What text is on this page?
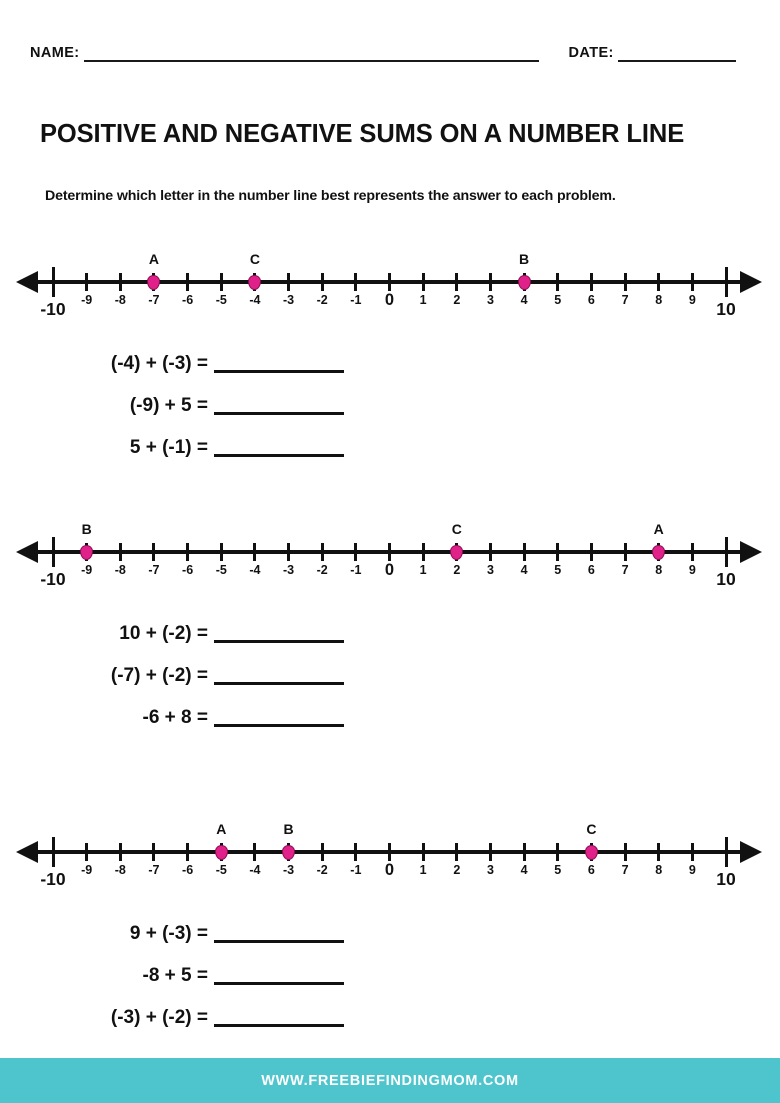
NAME:	DATE:
POSITIVE AND NEGATIVE SUMS ON A NUMBER LINE
Determine which letter in the number line best represents the answer to each problem.
-10 -9 -8 -7 -6 -5 -4 -3 -2 -1 0 1 2 3 4 5 6 7 8 9 10
A	C	B
(-4) + (-3) =
(-9) + 5 =
5 + (-1) =
-10 -9 -8 -7 -6 -5 -4 -3 -2 -1 0 1 2 3 4 5 6 7 8 9 10
B	C	A
10 + (-2) =
(-7) + (-2) =
-6 + 8 =
-10 -9 -8 -7 -6 -5 -4 -3 -2 -1 0 1 2 3 4 5 6 7 8 9 10
A	B	C
9 + (-3) =
-8 + 5 =
(-3) + (-2) =
WWW.FREEBIEFINDINGMOM.COM
